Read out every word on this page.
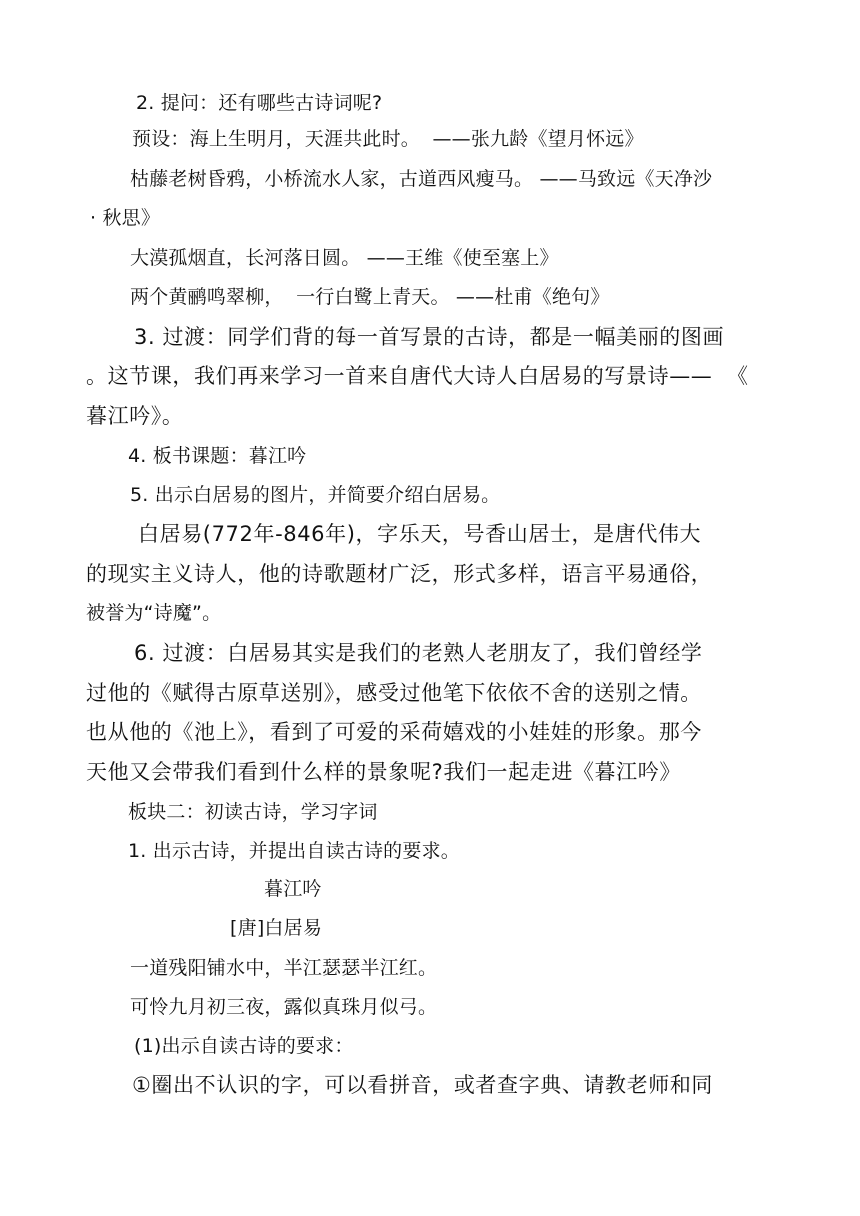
2. 提问：还有哪些古诗词呢?

预设：海上生明月，天涯共此时。  ——张九龄《望月怀远》

枯藤老树昏鸦，小桥流水人家，古道西风瘦马。 ——马致远《天净沙

· 秋思》

大漠孤烟直，长河落日圆。 ——王维《使至塞上》

两个黄鹂鸣翠柳，  一行白鹭上青天。 ——杜甫《绝句》

3. 过渡：同学们背的每一首写景的古诗，都是一幅美丽的图画

。这节课，我们再来学习一首来自唐代大诗人白居易的写景诗——  《

暮江吟》。

4. 板书课题：暮江吟

5. 出示白居易的图片，并简要介绍白居易。

白居易(772年-846年)，字乐天，号香山居士，是唐代伟大

的现实主义诗人，他的诗歌题材广泛，形式多样，语言平易通俗，

被誉为“诗魔”。

6. 过渡：白居易其实是我们的老熟人老朋友了，我们曾经学

过他的《赋得古原草送别》，感受过他笔下依依不舍的送别之情。

也从他的《池上》，看到了可爱的采荷嬉戏的小娃娃的形象。那今

天他又会带我们看到什么样的景象呢?我们一起走进《暮江吟》

板块二：初读古诗，学习字词

1. 出示古诗，并提出自读古诗的要求。

暮江吟

[唐]白居易

一道残阳铺水中，半江瑟瑟半江红。

可怜九月初三夜，露似真珠月似弓。

(1)出示自读古诗的要求：

①圈出不认识的字，可以看拼音，或者查字典、请教老师和同
